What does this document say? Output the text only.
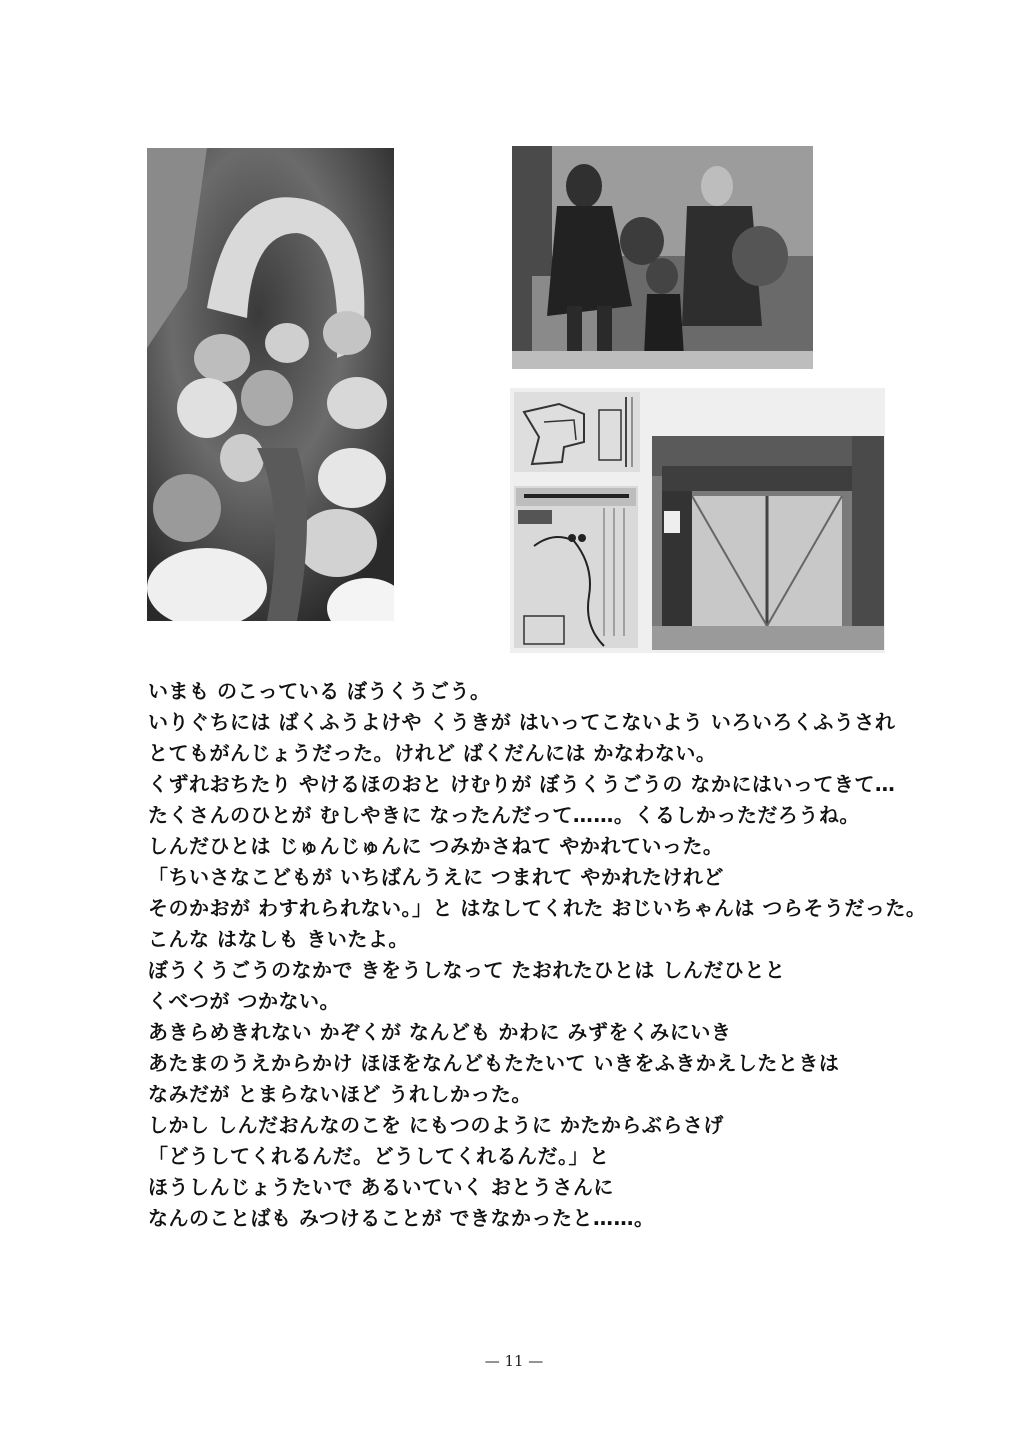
いまも のこっている ぼうくうごう。
いりぐちには ばくふうよけや くうきが はいってこないよう いろいろくふうされ
とてもがんじょうだった。けれど ばくだんには かなわない。
くずれおちたり やけるほのおと けむりが ぼうくうごうの なかにはいってきて…
たくさんのひとが むしやきに なったんだって……。くるしかっただろうね。
しんだひとは じゅんじゅんに つみかさねて やかれていった。
「ちいさなこどもが いちばんうえに つまれて やかれたけれど
そのかおが わすれられない。」と はなしてくれた おじいちゃんは つらそうだった。
こんな はなしも きいたよ。
ぼうくうごうのなかで きをうしなって たおれたひとは しんだひとと
くべつが つかない。
あきらめきれない かぞくが なんども かわに みずをくみにいき
あたまのうえからかけ ほほをなんどもたたいて いきをふきかえしたときは
なみだが とまらないほど うれしかった。
しかし しんだおんなのこを にもつのように かたからぶらさげ
「どうしてくれるんだ。どうしてくれるんだ。」と
ほうしんじょうたいで あるいていく おとうさんに
なんのことばも みつけることが できなかったと……。
— 11 —
